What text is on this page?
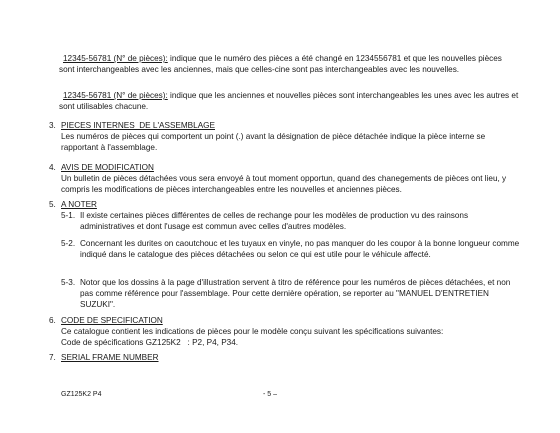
12345-56781 (N° de pièces): indique que le numéro des pièces a été changé en 1234556781 et que les nouvelles pièces sont interchangeables avec les anciennes, mais que celles-cine sont pas interchangeables avec les nouvelles.
12345-56781 (N° de pièces): indique que les anciennes et nouvelles pièces sont interchangeables les unes avec les autres et sont utilisables chacune.
3. PIECES INTERNES  DE L'ASSEMBLAGE
Les numéros de pièces qui comportent un point (.) avant la désignation de pièce détachée indique la pièce interne se rapportant à l'assemblage.
4. AVIS DE MODIFICATION
Un bulletin de pièces détachées vous sera envoyé à tout moment opportun, quand des chanegements de pièces ont lieu, y compris les modifications de pièces interchangeables entre les nouvelles et anciennes pièces.
5. A NOTER
5-1. Il existe certaines pièces différentes de celles de rechange pour les modèles de production vu des rainsons administratives et dont l'usage est commun avec celles d'autres modèles.
5-2. Concernant les durites on caoutchouc et les tuyaux en vinyle, no pas manquer do les coupor à la bonne longueur comme indiqué dans le catalogue des pièces détachées ou selon ce qui est utile pour le véhicule affecté.
5-3. Notor que los dossins à la page d'illustration servent à titro de référence pour les numéros de pièces détachées, et non pas comme référence pour l'assemblage. Pour cette dernière opération, se reporter au "MANUEL D'ENTRETIEN SUZUKI".
6. CODE DE SPECIFICATION
Ce catalogue contient les indications de pièces pour le modèle conçu suivant les spécifications suivantes:
Code de spécifications GZ125K2   : P2, P4, P34.
7. SERIAL FRAME NUMBER
GZ125K2 P4	- 5 –
